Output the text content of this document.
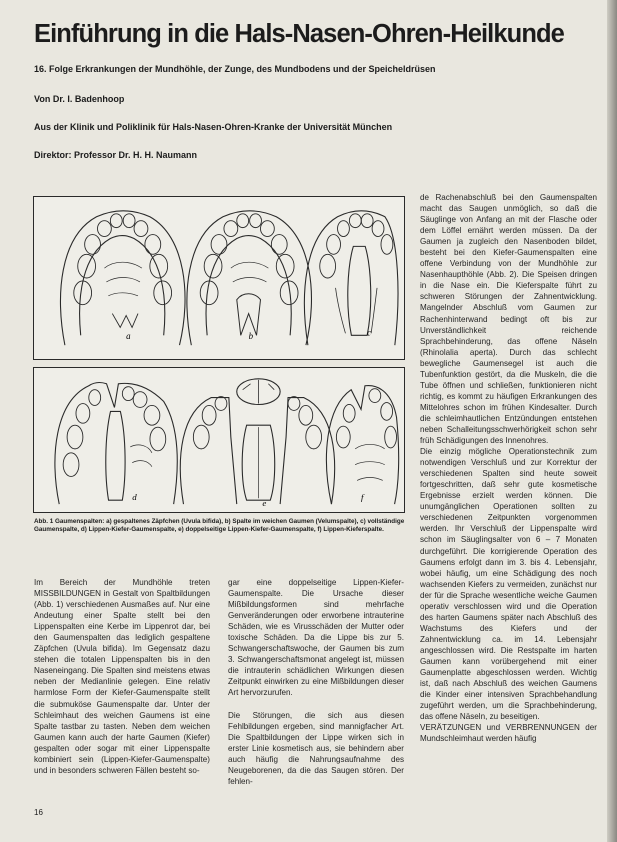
Einführung in die Hals-Nasen-Ohren-Heilkunde
16. Folge Erkrankungen der Mundhöhle, der Zunge, des Mundbodens und der Speicheldrüsen
Von Dr. I. Badenhoop
Aus der Klinik und Poliklinik für Hals-Nasen-Ohren-Kranke der Universität München
Direktor: Professor Dr. H. H. Naumann
a	b	c
d
e
f
Abb. 1 Gaumenspalten: a) gespaltenes Zäpfchen (Uvula bifida), b) Spalte im weichen Gaumen (Velumspalte), c) vollständige Gaumenspalte, d) Lippen-Kiefer-Gaumenspalte, e) doppelseitige Lippen-Kiefer-Gaumenspalte, f) Lippen-Kieferspalte.

Im Bereich der Mundhöhle treten MISSBILDUNGEN in Gestalt von Spaltbildungen (Abb. 1) verschiedenen Ausmaßes auf. Nur eine Andeutung einer Spalte stellt bei den Lippenspalten eine Kerbe im Lippenrot dar, bei den Gaumenspalten das lediglich gespaltene Zäpfchen (Uvula bifida). Im Gegensatz dazu stehen die totalen Lippenspalten bis in den Naseneingang. Die Spalten sind meistens etwas neben der Medianlinie gelegen. Eine relativ harmlose Form der Kiefer-Gaumenspalte stellt die submuköse Gaumenspalte dar. Unter der Schleimhaut des weichen Gaumens ist eine Spalte tastbar zu tasten. Neben dem weichen Gaumen kann auch der harte Gaumen (Kiefer) gespalten oder sogar mit einer Lippenspalte kombiniert sein (Lippen-Kiefer-Gaumenspalte) und in besonders schweren Fällen besteht so-

gar eine doppelseitige Lippen-Kiefer-Gaumenspalte. Die Ursache dieser Mißbildungsformen sind mehrfache Genveränderungen oder erworbene intrauterine Schäden, wie es Virusschäden der Mutter oder toxische Schäden. Da die Lippe bis zur 5. Schwangerschaftswoche, der Gaumen bis zum 3. Schwangerschaftsmonat angelegt ist, müssen die intrauterin schädlichen Wirkungen diesen Zeitpunkt einwirken zu eine Mißbildungen dieser Art hervorzurufen.

Die Störungen, die sich aus diesen Fehlbildungen ergeben, sind mannigfacher Art. Die Spaltbildungen der Lippe wirken sich in erster Linie kosmetisch aus, sie behindern aber auch häufig die Nahrungsaufnahme des Neugeborenen, da die das Saugen stören. Der fehlen-

de Rachenabschluß bei den Gaumenspalten macht das Saugen unmöglich, so daß die Säuglinge von Anfang an mit der Flasche oder dem Löffel ernährt werden müssen. Da der Gaumen ja zugleich den Nasenboden bildet, besteht bei den Kiefer-Gaumenspalten eine offene Verbindung von der Mundhöhle zur Nasenhaupthöhle (Abb. 2). Die Speisen dringen in die Nase ein. Die Kieferspalte führt zu schweren Störungen der Zahnentwicklung. Mangelnder Abschluß vom Gaumen zur Rachenhinterwand bedingt oft bis zur Unverständlichkeit reichende Sprachbehinderung, das offene Näseln (Rhinolalia aperta). Durch das schlecht bewegliche Gaumensegel ist auch die Tubenfunktion gestört, da die Muskeln, die die Tube öffnen und schließen, funktionieren nicht richtig, es kommt zu häufigen Erkrankungen des Mittelohres schon im frühen Kindesalter. Durch die schleimhautlichen Entzündungen entstehen neben Schalleitungsschwerhörigkeit schon sehr früh Schädigungen des Innenohres.

Die einzig mögliche Operationstechnik zum notwendigen Verschluß und zur Korrektur der verschiedenen Spalten sind heute soweit fortgeschritten, daß sehr gute kosmetische Ergebnisse erzielt werden können. Die unumgänglichen Operationen sollten zu verschiedenen Zeitpunkten vorgenommen werden. Ihr Verschluß der Lippenspalte wird schon im Säuglingsalter von 6 – 7 Monaten durchgeführt. Die korrigierende Operation des Gaumens erfolgt dann im 3. bis 4. Lebensjahr, wobei häufig, um eine Schädigung des noch wachsenden Kiefers zu vermeiden, zunächst nur der für die Sprache wesentliche weiche Gaumen operativ verschlossen wird und die Operation des harten Gaumens später nach Abschluß des Wachstums des Kiefers und der Zahnentwicklung ca. im 14. Lebensjahr angeschlossen wird. Die Restspalte im harten Gaumen kann vorübergehend mit einer Gaumenplatte abgeschlossen werden. Wichtig ist, daß nach Abschluß des weichen Gaumens die Kinder einer intensiven Sprachbehandlung zugeführt werden, um die Sprachbehinderung, das offene Näseln, zu beseitigen.

VERÄTZUNGEN und VERBRENNUNGEN der Mundschleimhaut werden häufig

16
